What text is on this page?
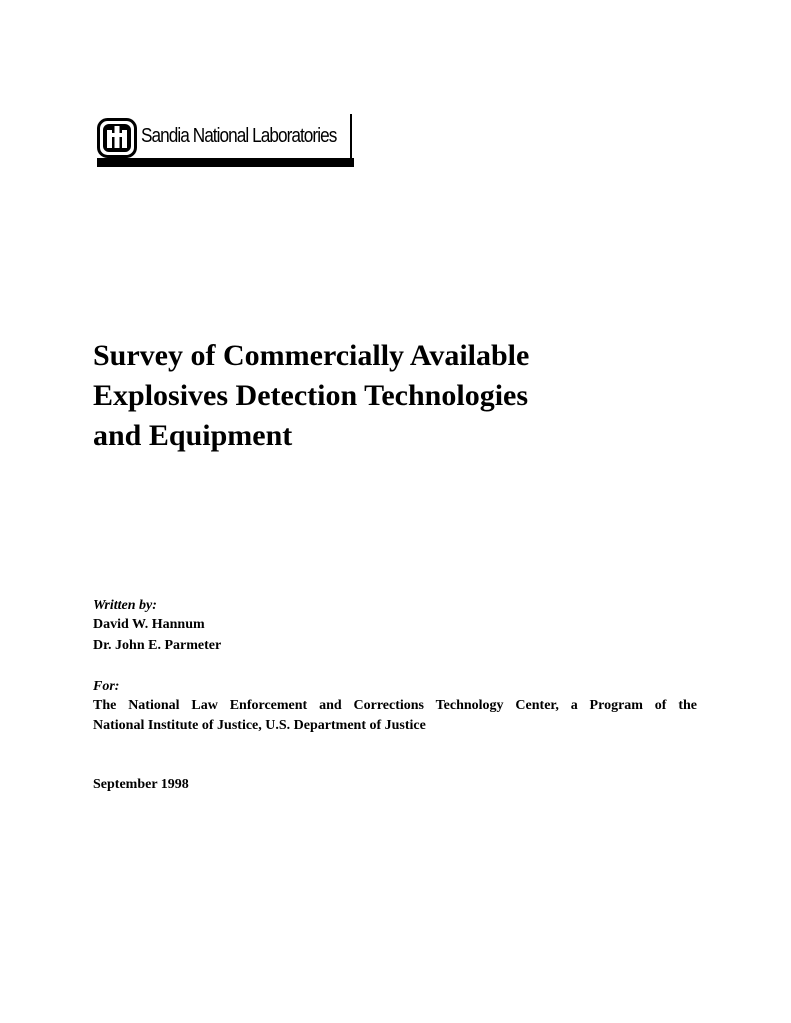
Sandia National Laboratories
Survey of Commercially Available
Explosives Detection Technologies
and Equipment
Written by:
David W. Hannum
Dr. John E. Parmeter
For:
The National Law Enforcement and Corrections Technology Center, a Program of the
National Institute of Justice, U.S. Department of Justice
September 1998
